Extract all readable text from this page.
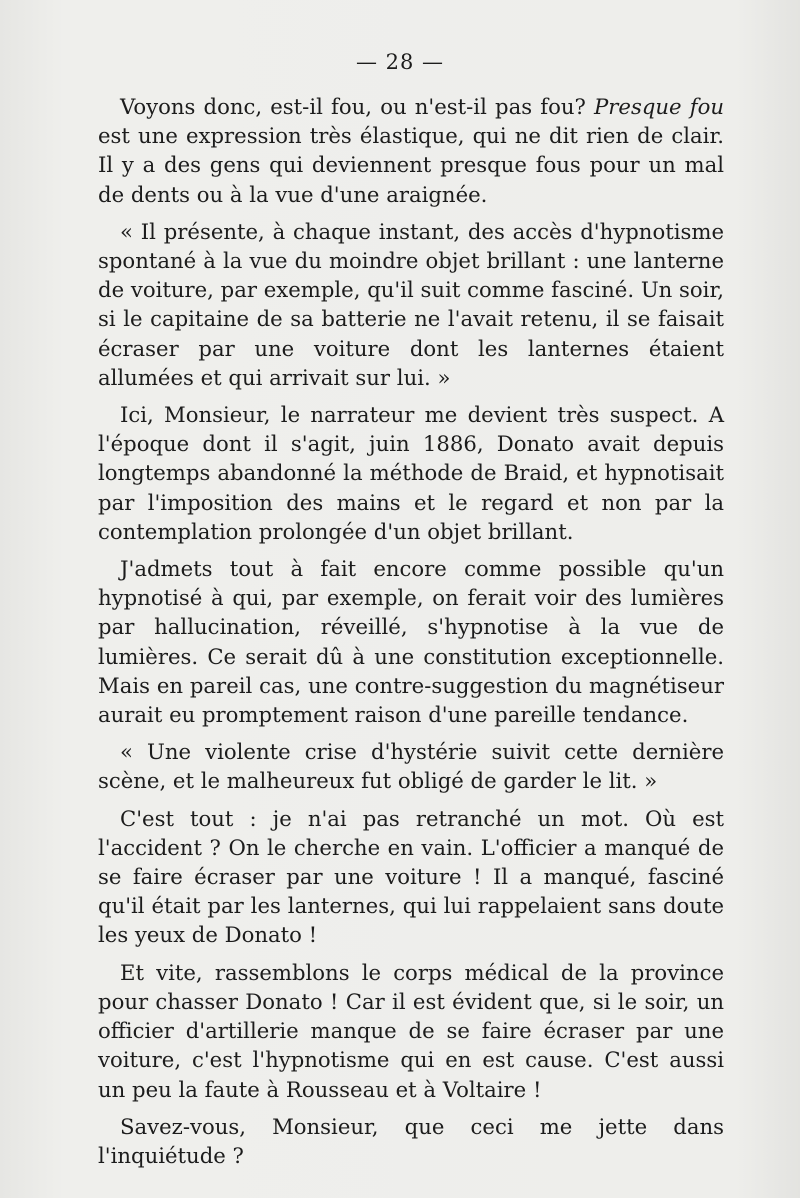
— 28 —

Voyons donc, est-il fou, ou n'est-il pas fou? Presque fou est une expression très élastique, qui ne dit rien de clair. Il y a des gens qui deviennent presque fous pour un mal de dents ou à la vue d'une araignée.

« Il présente, à chaque instant, des accès d'hypnotisme spontané à la vue du moindre objet brillant : une lanterne de voiture, par exemple, qu'il suit comme fasciné. Un soir, si le capitaine de sa batterie ne l'avait retenu, il se faisait écraser par une voiture dont les lanternes étaient allumées et qui arrivait sur lui. »

Ici, Monsieur, le narrateur me devient très suspect. A l'époque dont il s'agit, juin 1886, Donato avait depuis longtemps abandonné la méthode de Braid, et hypnotisait par l'imposition des mains et le regard et non par la contemplation prolongée d'un objet brillant.

J'admets tout à fait encore comme possible qu'un hypnotisé à qui, par exemple, on ferait voir des lumières par hallucination, réveillé, s'hypnotise à la vue de lumières. Ce serait dû à une constitution exceptionnelle. Mais en pareil cas, une contre-suggestion du magnétiseur aurait eu promptement raison d'une pareille tendance.

« Une violente crise d'hystérie suivit cette dernière scène, et le malheureux fut obligé de garder le lit. »

C'est tout : je n'ai pas retranché un mot. Où est l'accident ? On le cherche en vain. L'officier a manqué de se faire écraser par une voiture ! Il a manqué, fasciné qu'il était par les lanternes, qui lui rappelaient sans doute les yeux de Donato !

Et vite, rassemblons le corps médical de la province pour chasser Donato ! Car il est évident que, si le soir, un officier d'artillerie manque de se faire écraser par une voiture, c'est l'hypnotisme qui en est cause. C'est aussi un peu la faute à Rousseau et à Voltaire !

Savez-vous, Monsieur, que ceci me jette dans l'inquiétude ?
